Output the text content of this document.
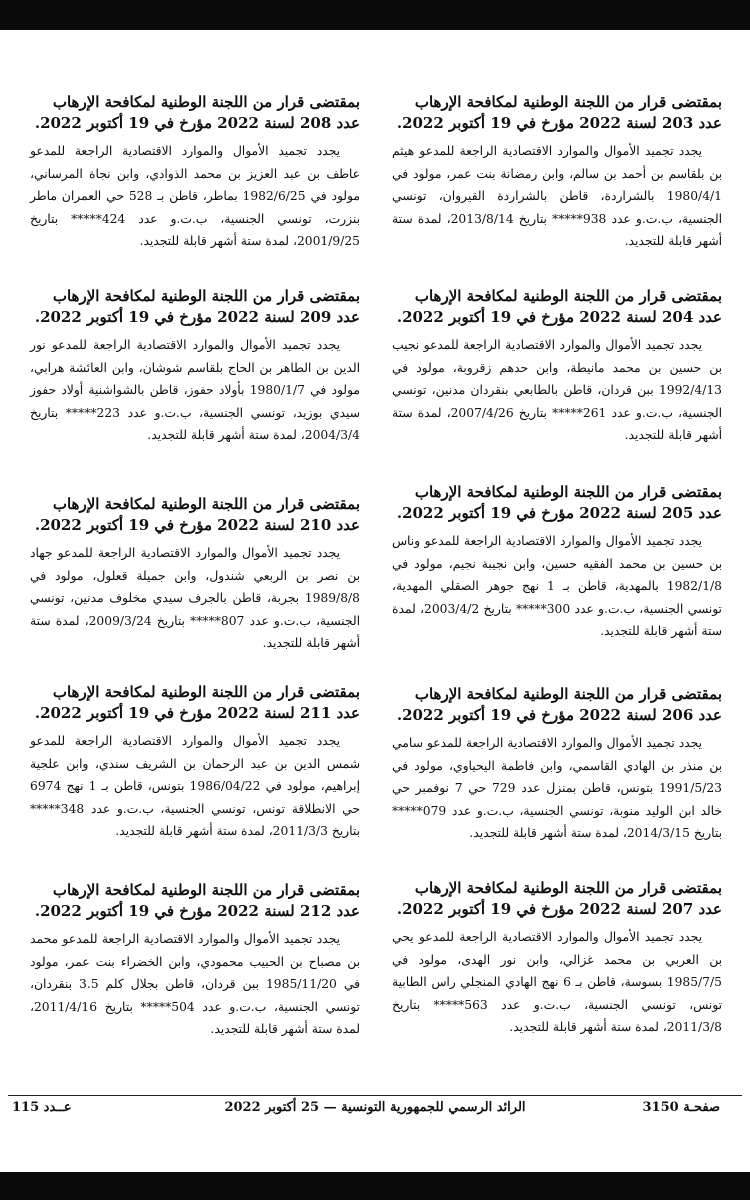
بمقتضى قرار من اللجنة الوطنية لمكافحة الإرهاب عدد 203 لسنة 2022 مؤرخ في 19 أكتوبر 2022.

يجدد تجميد الأموال والموارد الاقتصادية الراجعة للمدعو هيثم بن بلقاسم بن أحمد بن سالم، وابن رمضانة بنت عمر، مولود في 1980/4/1 بالشراردة، قاطن بالشراردة القيروان، تونسي الجنسية، ب.ت.و عدد 938***** بتاريخ 2013/8/14، لمدة ستة أشهر قابلة للتجديد.

بمقتضى قرار من اللجنة الوطنية لمكافحة الإرهاب عدد 204 لسنة 2022 مؤرخ في 19 أكتوبر 2022.

يجدد تجميد الأموال والموارد الاقتصادية الراجعة للمدعو نجيب بن حسين بن محمد مانيطة، وابن حدهم زقروبة، مولود في 1992/4/13 ببن قردان، قاطن بالطابعي بنقردان مدنين، تونسي الجنسية، ب.ت.و عدد 261***** بتاريخ 2007/4/26، لمدة ستة أشهر قابلة للتجديد.

بمقتضى قرار من اللجنة الوطنية لمكافحة الإرهاب عدد 205 لسنة 2022 مؤرخ في 19 أكتوبر 2022.

يجدد تجميد الأموال والموارد الاقتصادية الراجعة للمدعو وناس بن حسين بن محمد الفقيه حسين، وابن نجيبة نجيم، مولود في 1982/1/8 بالمهدية، قاطن بـ 1 نهج جوهر الصقلي المهدية، تونسي الجنسية، ب.ت.و عدد 300***** بتاريخ 2003/4/2، لمدة ستة أشهر قابلة للتجديد.

بمقتضى قرار من اللجنة الوطنية لمكافحة الإرهاب عدد 206 لسنة 2022 مؤرخ في 19 أكتوبر 2022.

يجدد تجميد الأموال والموارد الاقتصادية الراجعة للمدعو سامي بن منذر بن الهادي القاسمي، وابن فاطمة اليحياوي، مولود في 1991/5/23 بتونس، قاطن بمنزل عدد 729 حي 7 نوفمبر حي خالد ابن الوليد منوبة، تونسي الجنسية، ب.ت.و عدد 079***** بتاريخ 2014/3/15، لمدة ستة أشهر قابلة للتجديد.

بمقتضى قرار من اللجنة الوطنية لمكافحة الإرهاب عدد 207 لسنة 2022 مؤرخ في 19 أكتوبر 2022.

يجدد تجميد الأموال والموارد الاقتصادية الراجعة للمدعو يحي بن العربي بن محمد غزالي، وابن نور الهدى، مولود في 1985/7/5 بسوسة، قاطن بـ 6 نهج الهادي المنجلي راس الطابية تونس، تونسي الجنسية، ب.ت.و عدد 563***** بتاريخ 2011/3/8، لمدة ستة أشهر قابلة للتجديد.

بمقتضى قرار من اللجنة الوطنية لمكافحة الإرهاب عدد 208 لسنة 2022 مؤرخ في 19 أكتوبر 2022.

يجدد تجميد الأموال والموارد الاقتصادية الراجعة للمدعو عاطف بن عبد العزيز بن محمد الذوادي، وابن نجاة المرساني، مولود في 1982/6/25 بماطر، قاطن بـ 528 حي العمران ماطر بنزرت، تونسي الجنسية، ب.ت.و عدد 424***** بتاريخ 2001/9/25، لمدة ستة أشهر قابلة للتجديد.

بمقتضى قرار من اللجنة الوطنية لمكافحة الإرهاب عدد 209 لسنة 2022 مؤرخ في 19 أكتوبر 2022.

يجدد تجميد الأموال والموارد الاقتصادية الراجعة للمدعو نور الدين بن الطاهر بن الحاج بلقاسم شوشان، وابن العائشة هرابي، مولود في 1980/1/7 بأولاد حفوز، قاطن بالشواشنية أولاد حفوز سيدي بوزيد، تونسي الجنسية، ب.ت.و عدد 223***** بتاريخ 2004/3/4، لمدة ستة أشهر قابلة للتجديد.

بمقتضى قرار من اللجنة الوطنية لمكافحة الإرهاب عدد 210 لسنة 2022 مؤرخ في 19 أكتوبر 2022.

يجدد تجميد الأموال والموارد الاقتصادية الراجعة للمدعو جهاد بن نصر بن الربعي شندول، وابن جميلة قعلول، مولود في 1989/8/8 بجربة، قاطن بالجرف سيدي مخلوف مدنين، تونسي الجنسية، ب.ت.و عدد 807***** بتاريخ 2009/3/24، لمدة ستة أشهر قابلة للتجديد.

بمقتضى قرار من اللجنة الوطنية لمكافحة الإرهاب عدد 211 لسنة 2022 مؤرخ في 19 أكتوبر 2022.

يجدد تجميد الأموال والموارد الاقتصادية الراجعة للمدعو شمس الدين بن عبد الرحمان بن الشريف سندي، وابن علجية إبراهيم، مولود في 1986/04/22 بتونس، قاطن بـ 1 نهج 6974 حي الانطلاقة تونس، تونسي الجنسية، ب.ت.و عدد 348***** بتاريخ 2011/3/3، لمدة ستة أشهر قابلة للتجديد.

بمقتضى قرار من اللجنة الوطنية لمكافحة الإرهاب عدد 212 لسنة 2022 مؤرخ في 19 أكتوبر 2022.

يجدد تجميد الأموال والموارد الاقتصادية الراجعة للمدعو محمد بن مصباح بن الحبيب محمودي، وابن الخضراء بنت عمر، مولود في 1985/11/20 ببن قردان، قاطن بجلال كلم 3.5 بنقردان، تونسي الجنسية، ب.ت.و عدد 504***** بتاريخ 2011/4/16، لمدة ستة أشهر قابلة للتجديد.

صفحـة 3150
الرائد الرسمي للجمهورية التونسية — 25 أكتوبر 2022
عــدد 115
